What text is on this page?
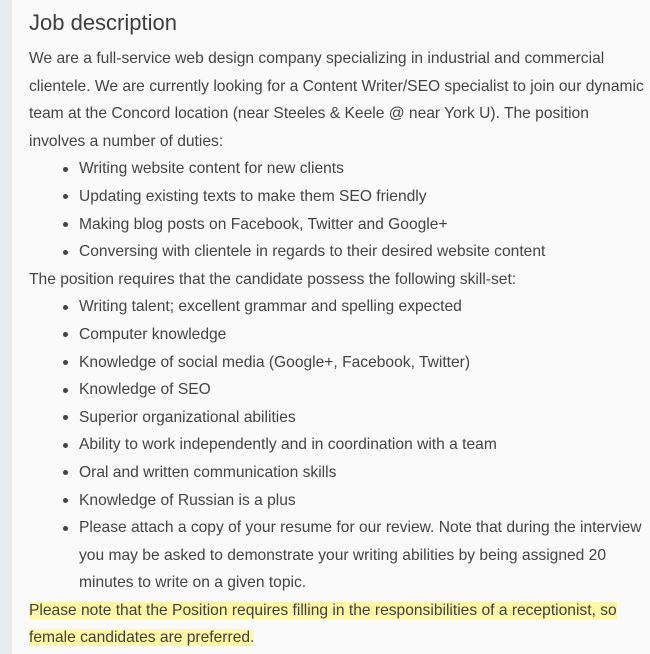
Job description

We are a full-service web design company specializing in industrial and commercial clientele. We are currently looking for a Content Writer/SEO specialist to join our dynamic team at the Concord location (near Steeles & Keele @ near York U). The position involves a number of duties:

Writing website content for new clients
Updating existing texts to make them SEO friendly
Making blog posts on Facebook, Twitter and Google+
Conversing with clientele in regards to their desired website content

The position requires that the candidate possess the following skill-set:

Writing talent; excellent grammar and spelling expected
Computer knowledge
Knowledge of social media (Google+, Facebook, Twitter)
Knowledge of SEO
Superior organizational abilities
Ability to work independently and in coordination with a team
Oral and written communication skills
Knowledge of Russian is a plus
Please attach a copy of your resume for our review. Note that during the interview you may be asked to demonstrate your writing abilities by being assigned 20 minutes to write on a given topic.

Please note that the Position requires filling in the responsibilities of a receptionist, so female candidates are preferred.
